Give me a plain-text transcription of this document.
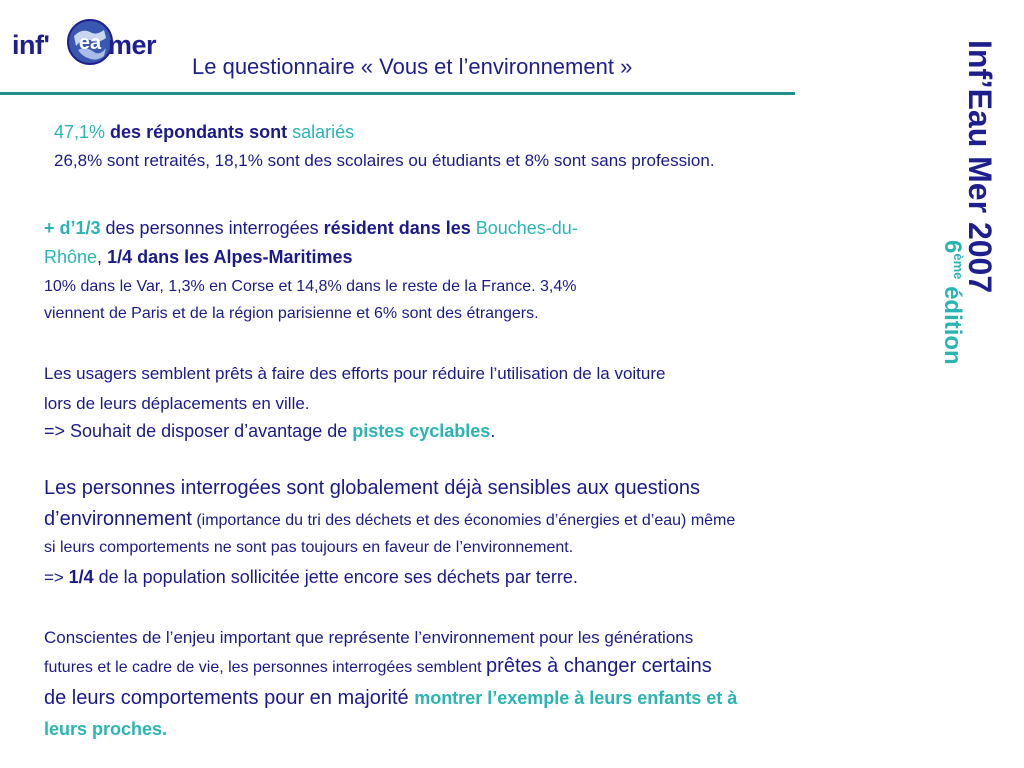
inf' ea mer
Le questionnaire « Vous et l’environnement »	Inf’Eau Mer 2007
6ème édition
47,1% des répondants sont salariés
26,8% sont retraités, 18,1% sont des scolaires ou étudiants et 8% sont sans profession.
+ d’1/3 des personnes interrogées résident dans les Bouches-du-
Rhône, 1/4 dans les Alpes-Maritimes
10% dans le Var, 1,3% en Corse et 14,8% dans le reste de la France. 3,4%
viennent de Paris et de la région parisienne et 6% sont des étrangers.
Les usagers semblent prêts à faire des efforts pour réduire l’utilisation de la voiture
lors de leurs déplacements en ville.
=> Souhait de disposer d’avantage de pistes cyclables.
Les personnes interrogées sont globalement déjà sensibles aux questions
d’environnement (importance du tri des déchets et des économies d’énergies et d’eau) même
si leurs comportements ne sont pas toujours en faveur de l’environnement.
=> 1/4 de la population sollicitée jette encore ses déchets par terre.
Conscientes de l’enjeu important que représente l’environnement pour les générations
futures et le cadre de vie, les personnes interrogées semblent prêtes à changer certains
de leurs comportements pour en majorité montrer l’exemple à leurs enfants et à
leurs proches.
